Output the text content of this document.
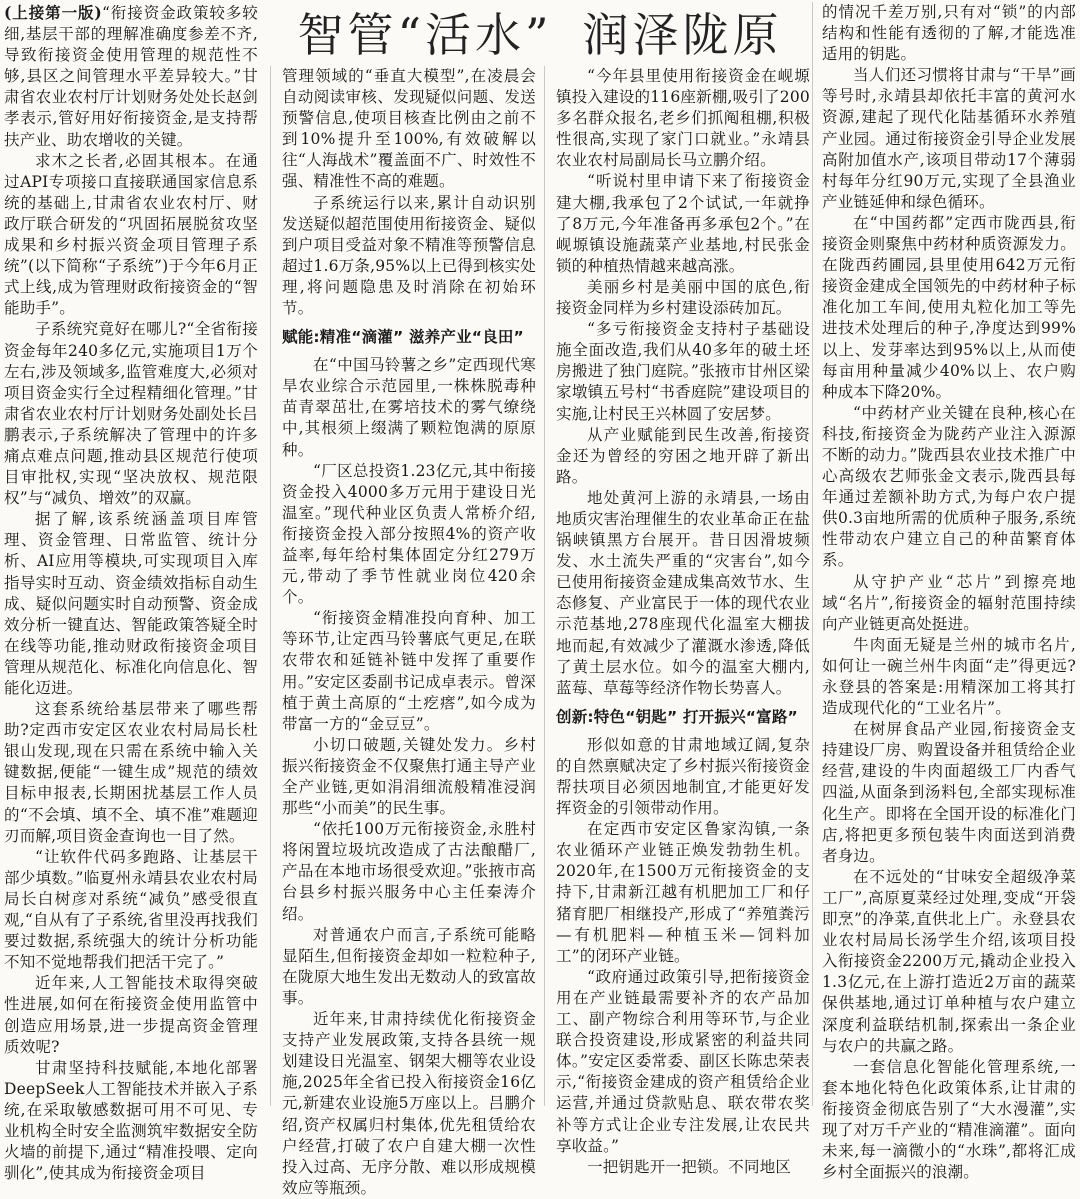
智管“活水” 润泽陇原

(上接第一版)“衔接资金政策较多较细,基层干部的理解准确度参差不齐,导致衔接资金使用管理的规范性不够,县区之间管理水平差异较大。”甘肃省农业农村厅计划财务处处长赵剑孝表示,管好用好衔接资金,是支持帮扶产业、助农增收的关键。

求木之长者,必固其根本。在通过API专项接口直接联通国家信息系统的基础上,甘肃省农业农村厅、财政厅联合研发的“巩固拓展脱贫攻坚成果和乡村振兴资金项目管理子系统”(以下简称“子系统”)于今年6月正式上线,成为管理财政衔接资金的“智能助手”。

子系统究竟好在哪儿?“全省衔接资金每年240多亿元,实施项目1万个左右,涉及领域多,监管难度大,必须对项目资金实行全过程精细化管理。”甘肃省农业农村厅计划财务处副处长吕鹏表示,子系统解决了管理中的许多痛点难点问题,推动县区规范行使项目审批权,实现“坚决放权、规范限权”与“减负、增效”的双赢。

据了解,该系统涵盖项目库管理、资金管理、日常监管、统计分析、AI应用等模块,可实现项目入库指导实时互动、资金绩效指标自动生成、疑似问题实时自动预警、资金成效分析一键直达、智能政策答疑全时在线等功能,推动财政衔接资金项目管理从规范化、标准化向信息化、智能化迈进。

这套系统给基层带来了哪些帮助?定西市安定区农业农村局局长杜银山发现,现在只需在系统中输入关键数据,便能“一键生成”规范的绩效目标申报表,长期困扰基层工作人员的“不会填、填不全、填不准”难题迎刃而解,项目资金查询也一目了然。

“让软件代码多跑路、让基层干部少填数。”临夏州永靖县农业农村局局长白树彦对系统“减负”感受很直观,“自从有了子系统,省里没再找我们要过数据,系统强大的统计分析功能不知不觉地帮我们把活干完了。”

近年来,人工智能技术取得突破性进展,如何在衔接资金使用监管中创造应用场景,进一步提高资金管理质效呢?

甘肃坚持科技赋能,本地化部署DeepSeek人工智能技术并嵌入子系统,在采取敏感数据可用不可见、专业机构全时安全监测筑牢数据安全防火墙的前提下,通过“精准投喂、定向驯化”,使其成为衔接资金项目

管理领域的“垂直大模型”,在凌晨会自动阅读审核、发现疑似问题、发送预警信息,使项目核查比例由之前不到10%提升至100%,有效破解以往“人海战术”覆盖面不广、时效性不强、精准性不高的难题。

子系统运行以来,累计自动识别发送疑似超范围使用衔接资金、疑似到户项目受益对象不精准等预警信息超过1.6万条,95%以上已得到核实处理,将问题隐患及时消除在初始环节。

赋能:精准“滴灌” 滋养产业“良田”

在“中国马铃薯之乡”定西现代寒旱农业综合示范园里,一株株脱毒种苗青翠茁壮,在雾培技术的雾气缭绕中,其根须上缀满了颗粒饱满的原原种。

“厂区总投资1.23亿元,其中衔接资金投入4000多万元用于建设日光温室。”现代种业区负责人常桥介绍,衔接资金投入部分按照4%的资产收益率,每年给村集体固定分红279万元,带动了季节性就业岗位420余个。

“衔接资金精准投向育种、加工等环节,让定西马铃薯底气更足,在联农带农和延链补链中发挥了重要作用。”安定区委副书记成卓表示。曾深植于黄土高原的“土疙瘩”,如今成为带富一方的“金豆豆”。

小切口破题,关键处发力。乡村振兴衔接资金不仅聚焦打通主导产业全产业链,更如涓涓细流般精准浸润那些“小而美”的民生事。

“依托100万元衔接资金,永胜村将闲置垃圾坑改造成了古法酿醋厂,产品在本地市场很受欢迎。”张掖市高台县乡村振兴服务中心主任秦涛介绍。

对普通农户而言,子系统可能略显陌生,但衔接资金却如一粒粒种子,在陇原大地生发出无数动人的致富故事。

近年来,甘肃持续优化衔接资金支持产业发展政策,支持各县统一规划建设日光温室、钢架大棚等农业设施,2025年全省已投入衔接资金16亿元,新建农业设施5万座以上。吕鹏介绍,资产权属归村集体,优先租赁给农户经营,打破了农户自建大棚一次性投入过高、无序分散、难以形成规模效应等瓶颈。

“今年县里使用衔接资金在岘塬镇投入建设的116座新棚,吸引了200多名群众报名,老乡们抓阄租棚,积极性很高,实现了家门口就业。”永靖县农业农村局副局长马立鹏介绍。

“听说村里申请下来了衔接资金建大棚,我承包了2个试试,一年就挣了8万元,今年准备再多承包2个。”在岘塬镇设施蔬菜产业基地,村民张金锁的种植热情越来越高涨。

美丽乡村是美丽中国的底色,衔接资金同样为乡村建设添砖加瓦。

“多亏衔接资金支持村子基础设施全面改造,我们从40多年的破土坯房搬进了独门庭院。”张掖市甘州区梁家墩镇五号村“书香庭院”建设项目的实施,让村民王兴林圆了安居梦。

从产业赋能到民生改善,衔接资金还为曾经的穷困之地开辟了新出路。

地处黄河上游的永靖县,一场由地质灾害治理催生的农业革命正在盐锅峡镇黑方台展开。昔日因滑坡频发、水土流失严重的“灾害台”,如今已使用衔接资金建成集高效节水、生态修复、产业富民于一体的现代农业示范基地,278座现代化温室大棚拔地而起,有效减少了灌溉水渗透,降低了黄土层水位。如今的温室大棚内,蓝莓、草莓等经济作物长势喜人。

创新:特色“钥匙” 打开振兴“富路”

形似如意的甘肃地域辽阔,复杂的自然禀赋决定了乡村振兴衔接资金帮扶项目必须因地制宜,才能更好发挥资金的引领带动作用。

在定西市安定区鲁家沟镇,一条农业循环产业链正焕发勃勃生机。2020年,在1500万元衔接资金的支持下,甘肃新江越有机肥加工厂和仔猪育肥厂相继投产,形成了“养殖粪污—有机肥料—种植玉米—饲料加工”的闭环产业链。

“政府通过政策引导,把衔接资金用在产业链最需要补齐的农产品加工、副产物综合利用等环节,与企业联合投资建设,形成紧密的利益共同体。”安定区委常委、副区长陈忠荣表示,“衔接资金建成的资产租赁给企业运营,并通过贷款贴息、联农带农奖补等方式让企业专注发展,让农民共享收益。”

一把钥匙开一把锁。不同地区

的情况千差万别,只有对“锁”的内部结构和性能有透彻的了解,才能选准适用的钥匙。

当人们还习惯将甘肃与“干旱”画等号时,永靖县却依托丰富的黄河水资源,建起了现代化陆基循环水养殖产业园。通过衔接资金引导企业发展高附加值水产,该项目带动17个薄弱村每年分红90万元,实现了全县渔业产业链延伸和绿色循环。

在“中国药都”定西市陇西县,衔接资金则聚焦中药材种质资源发力。在陇西药圃园,县里使用642万元衔接资金建成全国领先的中药材种子标准化加工车间,使用丸粒化加工等先进技术处理后的种子,净度达到99%以上、发芽率达到95%以上,从而使每亩用种量减少40%以上、农户购种成本下降20%。

“中药材产业关键在良种,核心在科技,衔接资金为陇药产业注入源源不断的动力。”陇西县农业技术推广中心高级农艺师张金文表示,陇西县每年通过差额补助方式,为每户农户提供0.3亩地所需的优质种子服务,系统性带动农户建立自己的种苗繁育体系。

从守护产业“芯片”到擦亮地域“名片”,衔接资金的辐射范围持续向产业链更高处挺进。

牛肉面无疑是兰州的城市名片,如何让一碗兰州牛肉面“走”得更远?永登县的答案是:用精深加工将其打造成现代化的“工业名片”。

在树屏食品产业园,衔接资金支持建设厂房、购置设备并租赁给企业经营,建设的牛肉面超级工厂内香气四溢,从面条到汤料包,全部实现标准化生产。即将在全国开设的标准化门店,将把更多预包装牛肉面送到消费者身边。

在不远处的“甘味安全超级净菜工厂”,高原夏菜经过处理,变成“开袋即烹”的净菜,直供北上广。永登县农业农村局局长汤学生介绍,该项目投入衔接资金2200万元,撬动企业投入1.3亿元,在上游打造近2万亩的蔬菜保供基地,通过订单种植与农户建立深度利益联结机制,探索出一条企业与农户的共赢之路。

一套信息化智能化管理系统,一套本地化特色化政策体系,让甘肃的衔接资金彻底告别了“大水漫灌”,实现了对万千产业的“精准滴灌”。面向未来,每一滴微小的“水珠”,都将汇成乡村全面振兴的浪潮。
